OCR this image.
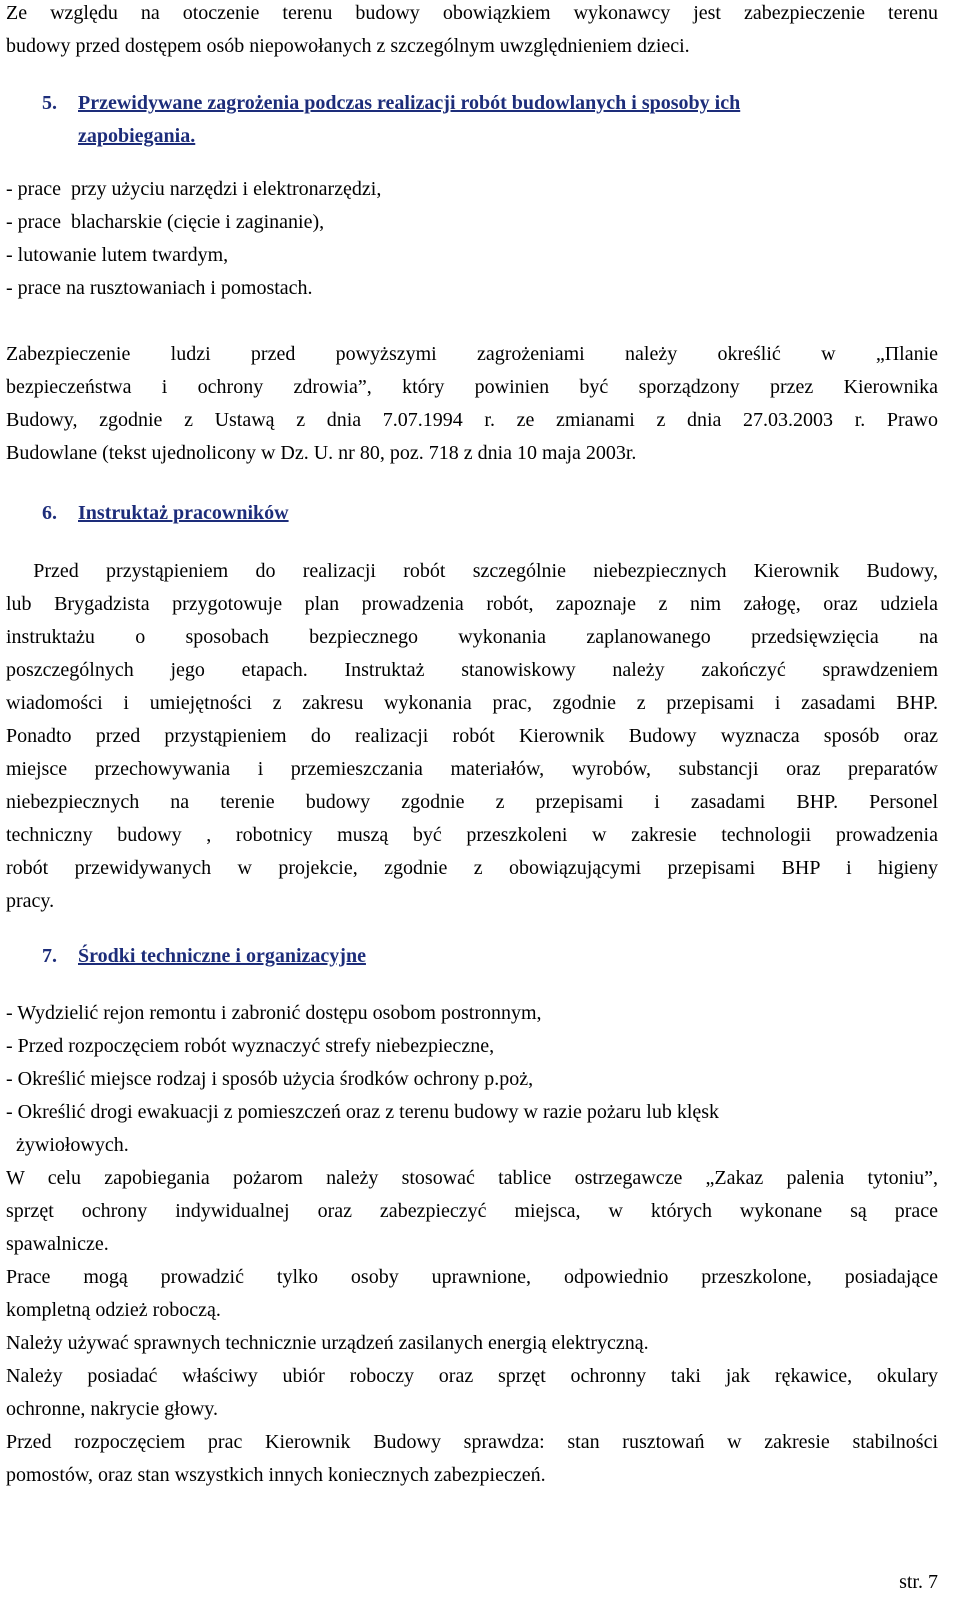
Ze względu na otoczenie terenu budowy obowiązkiem wykonawcy jest zabezpieczenie terenu
budowy przed dostępem osób niepowołanych z szczególnym uwzględnieniem dzieci.
5. Przewidywane zagrożenia podczas realizacji robót budowlanych i sposoby ich
zapobiegania.
- prace  przy użyciu narzędzi i elektronarzędzi,
- prace  blacharskie (cięcie i zaginanie),
- lutowanie lutem twardym,
- prace na rusztowaniach i pomostach.
Zabezpieczenie ludzi przed powyższymi zagrożeniami należy określić w „Пlanie
bezpieczeństwa i ochrony zdrowia”, który powinien być sporządzony przez Kierownika
Budowy, zgodnie z Ustawą z dnia 7.07.1994 r. ze zmianami z dnia 27.03.2003 r. Prawo
Budowlane (tekst ujednolicony w Dz. U. nr 80, poz. 718 z dnia 10 maja 2003r.
6. Instruktaż pracowników
Przed przystąpieniem do realizacji robót szczególnie niebezpiecznych Kierownik Budowy,
lub Brygadzista przygotowuje plan prowadzenia robót, zapoznaje z nim załogę, oraz udziela
instruktażu o sposobach bezpiecznego wykonania zaplanowanego przedsięwzięcia na
poszczególnych jego etapach. Instruktaż stanowiskowy należy zakończyć sprawdzeniem
wiadomości i umiejętności z zakresu wykonania prac, zgodnie z przepisami i zasadami BHP.
Ponadto przed przystąpieniem do realizacji robót Kierownik Budowy wyznacza sposób oraz
miejsce przechowywania i przemieszczania materiałów, wyrobów, substancji oraz preparatów
niebezpiecznych na terenie budowy zgodnie z przepisami i zasadami BHP. Personel
techniczny budowy , robotnicy muszą być przeszkoleni w zakresie technologii prowadzenia
robót przewidywanych w projekcie, zgodnie z obowiązującymi przepisami BHP i higieny
pracy.
7. Środki techniczne i organizacyjne
- Wydzielić rejon remontu i zabronić dostępu osobom postronnym,
- Przed rozpoczęciem robót wyznaczyć strefy niebezpieczne,
- Określić miejsce rodzaj i sposób użycia środków ochrony p.poż,
- Określić drogi ewakuacji z pomieszczeń oraz z terenu budowy w razie pożaru lub klęsk
żywiołowych.
W celu zapobiegania pożarom należy stosować tablice ostrzegawcze „Zakaz palenia tytoniu”,
sprzęt ochrony indywidualnej oraz zabezpieczyć miejsca, w których wykonane są prace
spawalnicze.
Prace mogą prowadzić tylko osoby uprawnione, odpowiednio przeszkolone, posiadające
kompletną odzież roboczą.
Należy używać sprawnych technicznie urządzeń zasilanych energią elektryczną.
Należy posiadać właściwy ubiór roboczy oraz sprzęt ochronny taki jak rękawice, okulary
ochronne, nakrycie głowy.
Przed rozpoczęciem prac Kierownik Budowy sprawdza: stan rusztowań w zakresie stabilności
pomostów, oraz stan wszystkich innych koniecznych zabezpieczeń.
str. 7
